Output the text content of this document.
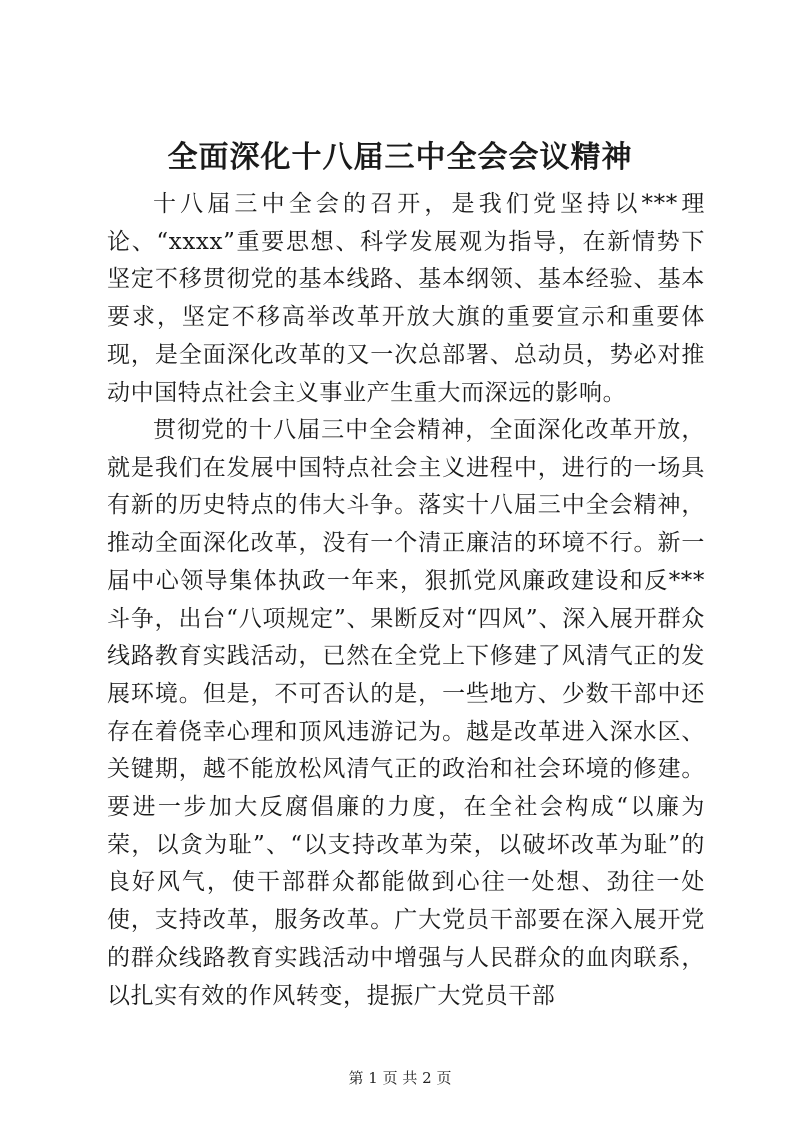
全面深化十八届三中全会会议精神

十八届三中全会的召开，是我们党坚持以***理论、“xxxx”重要思想、科学发展观为指导，在新情势下坚定不移贯彻党的基本线路、基本纲领、基本经验、基本要求，坚定不移高举改革开放大旗的重要宣示和重要体现，是全面深化改革的又一次总部署、总动员，势必对推动中国特点社会主义事业产生重大而深远的影响。

贯彻党的十八届三中全会精神，全面深化改革开放，就是我们在发展中国特点社会主义进程中，进行的一场具有新的历史特点的伟大斗争。落实十八届三中全会精神，推动全面深化改革，没有一个清正廉洁的环境不行。新一届中心领导集体执政一年来，狠抓党风廉政建设和反***斗争，出台“八项规定”、果断反对“四风”、深入展开群众线路教育实践活动，已然在全党上下修建了风清气正的发展环境。但是，不可否认的是，一些地方、少数干部中还存在着侥幸心理和顶风违游记为。越是改革进入深水区、关键期，越不能放松风清气正的政治和社会环境的修建。要进一步加大反腐倡廉的力度，在全社会构成“以廉为荣，以贪为耻”、“以支持改革为荣，以破坏改革为耻”的良好风气，使干部群众都能做到心往一处想、劲往一处使，支持改革，服务改革。广大党员干部要在深入展开党的群众线路教育实践活动中增强与人民群众的血肉联系，以扎实有效的作风转变，提振广大党员干部

第 1 页 共 2 页
